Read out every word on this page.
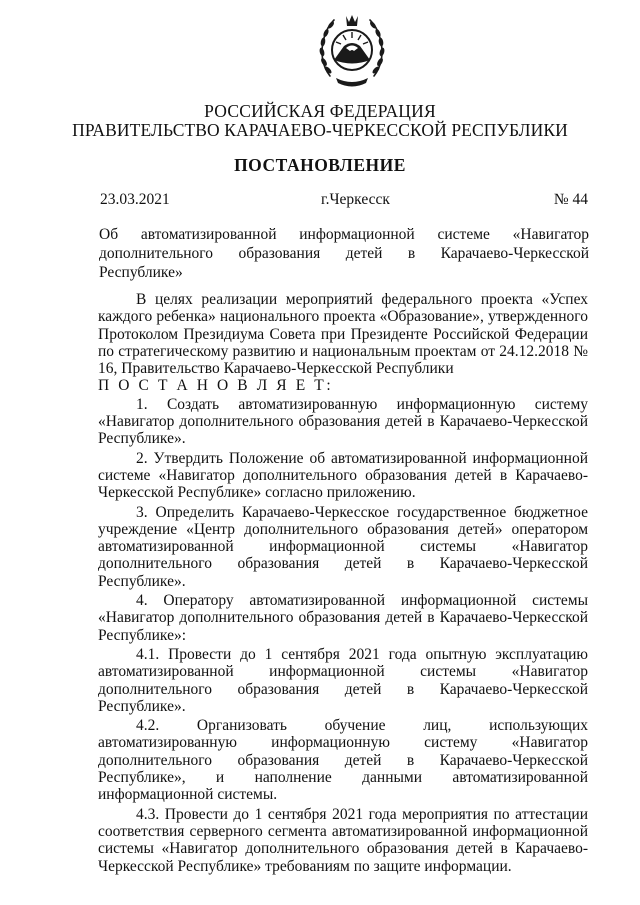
РОССИЙСКАЯ ФЕДЕРАЦИЯ
ПРАВИТЕЛЬСТВО КАРАЧАЕВО-ЧЕРКЕССКОЙ РЕСПУБЛИКИ
ПОСТАНОВЛЕНИЕ
23.03.2021	г.Черкесск	№ 44
Об автоматизированной информационной системе «Навигатор дополнительного образования детей в Карачаево-Черкесской Республике»

В целях реализации мероприятий федерального проекта «Успех каждого ребенка» национального проекта «Образование», утвержденного Протоколом Президиума Совета при Президенте Российской Федерации по стратегическому развитию и национальным проектам от 24.12.2018 № 16, Правительство Карачаево-Черкесской Республики

П О С Т А Н О В Л Я Е Т:

1. Создать автоматизированную информационную систему «Навигатор дополнительного образования детей в Карачаево-Черкесской Республике».

2. Утвердить Положение об автоматизированной информационной системе «Навигатор дополнительного образования детей в Карачаево-Черкесской Республике» согласно приложению.

3. Определить Карачаево-Черкесское государственное бюджетное учреждение «Центр дополнительного образования детей» оператором автоматизированной информационной системы «Навигатор дополнительного образования детей в Карачаево-Черкесской Республике».

4. Оператору автоматизированной информационной системы «Навигатор дополнительного образования детей в Карачаево-Черкесской Республике»:

4.1. Провести до 1 сентября 2021 года опытную эксплуатацию автоматизированной информационной системы «Навигатор дополнительного образования детей в Карачаево-Черкесской Республике».

4.2. Организовать обучение лиц, использующих автоматизированную информационную систему «Навигатор дополнительного образования детей в Карачаево-Черкесской Республике», и наполнение данными автоматизированной информационной системы.

4.3. Провести до 1 сентября 2021 года мероприятия по аттестации соответствия серверного сегмента автоматизированной информационной системы «Навигатор дополнительного образования детей в Карачаево-Черкесской Республике» требованиям по защите информации.
